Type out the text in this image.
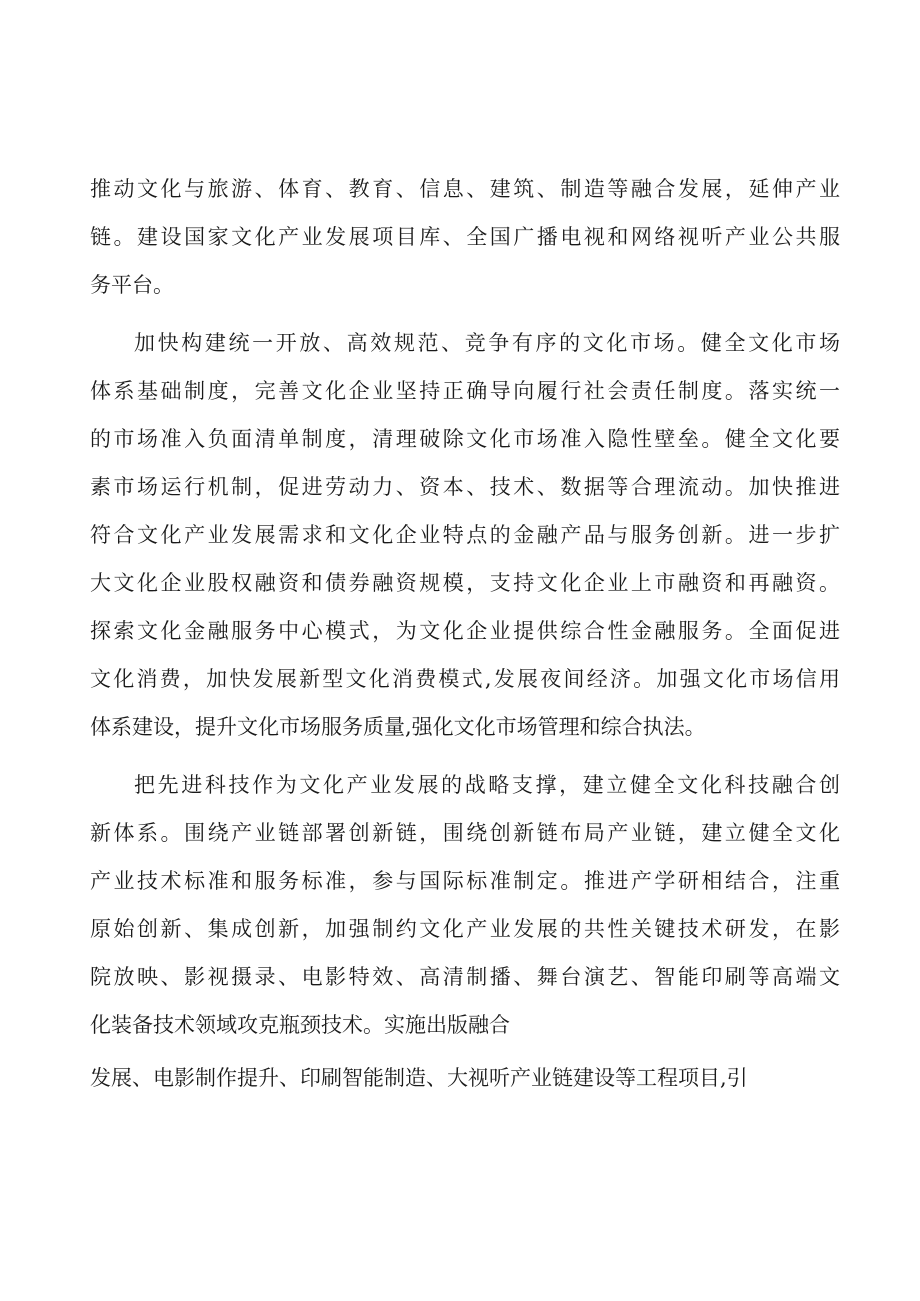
推动文化与旅游、体育、教育、信息、建筑、制造等融合发展，延伸产业
链。建设国家文化产业发展项目库、全国广播电视和网络视听产业公共服
务平台。
加快构建统一开放、高效规范、竞争有序的文化市场。健全文化市场
体系基础制度，完善文化企业坚持正确导向履行社会责任制度。落实统一
的市场准入负面清单制度，清理破除文化市场准入隐性壁垒。健全文化要
素市场运行机制，促进劳动力、资本、技术、数据等合理流动。加快推进
符合文化产业发展需求和文化企业特点的金融产品与服务创新。进一步扩
大文化企业股权融资和债券融资规模，支持文化企业上市融资和再融资。
探索文化金融服务中心模式，为文化企业提供综合性金融服务。全面促进
文化消费，加快发展新型文化消费模式,发展夜间经济。加强文化市场信用
体系建设，提升文化市场服务质量,强化文化市场管理和综合执法。
把先进科技作为文化产业发展的战略支撑，建立健全文化科技融合创
新体系。围绕产业链部署创新链，围绕创新链布局产业链，建立健全文化
产业技术标准和服务标准，参与国际标准制定。推进产学研相结合，注重
原始创新、集成创新，加强制约文化产业发展的共性关键技术研发，在影
院放映、影视摄录、电影特效、高清制播、舞台演艺、智能印刷等高端文
化装备技术领域攻克瓶颈技术。实施出版融合
发展、电影制作提升、印刷智能制造、大视听产业链建设等工程项目,引
